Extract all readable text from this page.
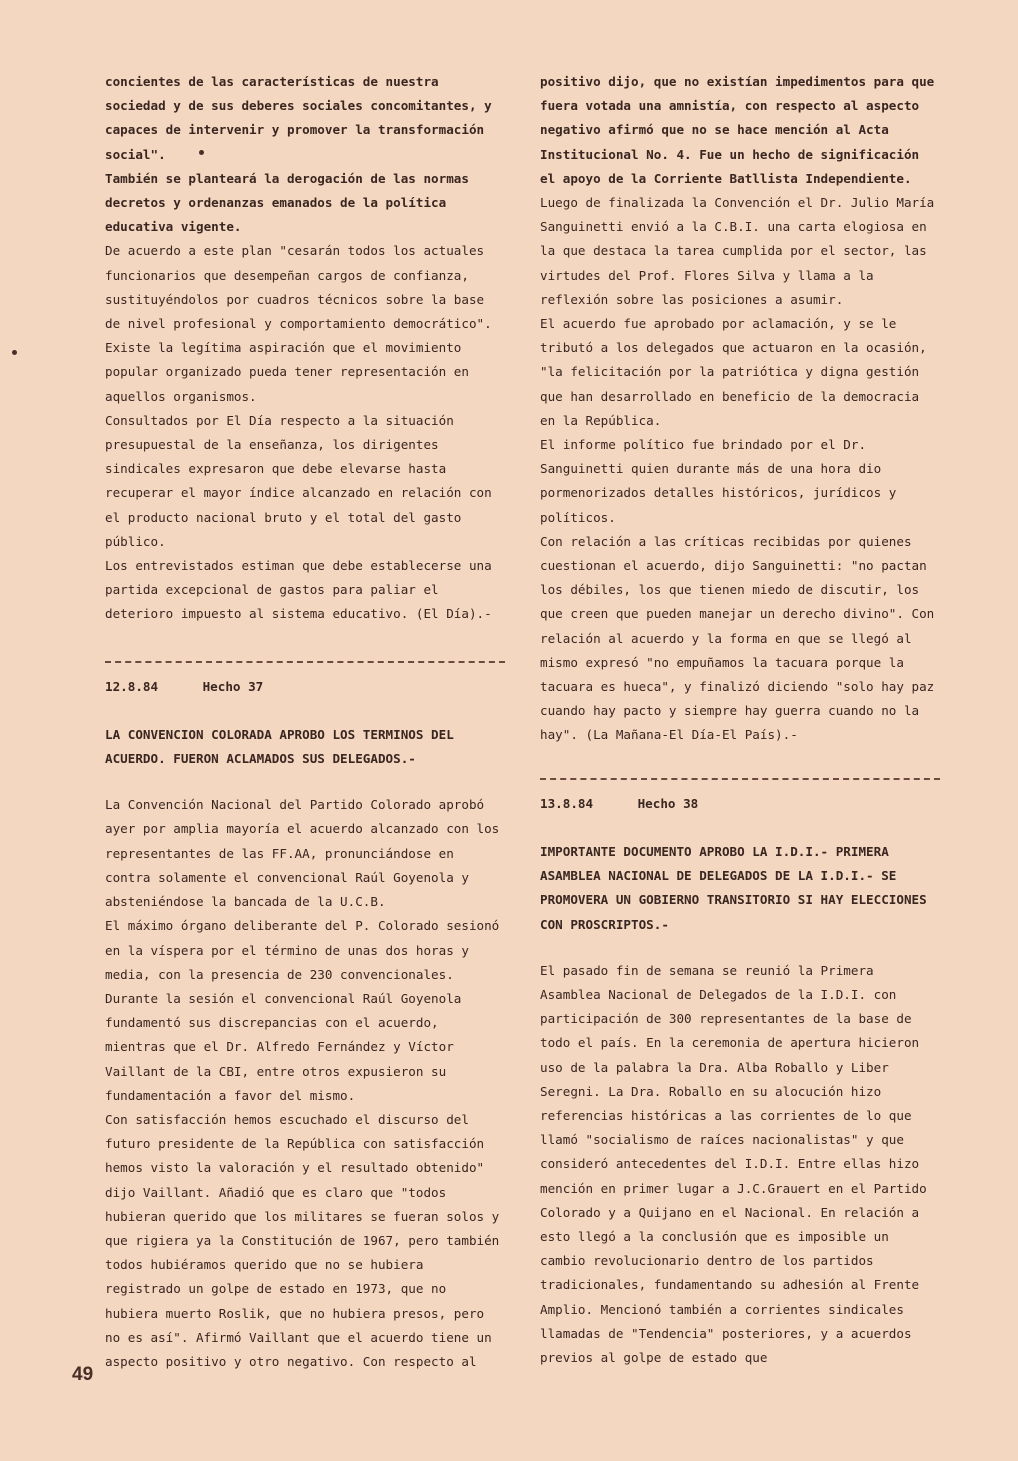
concientes de las características de nuestra sociedad y de sus deberes sociales concomitantes, y capaces de intervenir y promover la transformación social".

También se planteará la derogación de las normas decretos y ordenanzas emanados de la política educativa vigente.

De acuerdo a este plan "cesarán todos los actuales funcionarios que desempeñan cargos de confianza, sustituyéndolos por cuadros técnicos sobre la base de nivel profesional y comportamiento democrático".

Existe la legítima aspiración que el movimiento popular organizado pueda tener representación en aquellos organismos.

Consultados por El Día respecto a la situación presupuestal de la enseñanza, los dirigentes sindicales expresaron que debe elevarse hasta recuperar el mayor índice alcanzado en relación con el producto nacional bruto y el total del gasto público.

Los entrevistados estiman que debe establecerse una partida excepcional de gastos para paliar el deterioro impuesto al sistema educativo. (El Día).-

12.8.84	Hecho 37

LA CONVENCION COLORADA APROBO LOS TERMINOS DEL ACUERDO. FUERON ACLAMADOS SUS DELEGADOS.-

La Convención Nacional del Partido Colorado aprobó ayer por amplia mayoría el acuerdo alcanzado con los representantes de las FF.AA, pronunciándose en contra solamente el convencional Raúl Goyenola y absteniéndose la bancada de la U.C.B.

El máximo órgano deliberante del P. Colorado sesionó en la víspera por el término de unas dos horas y media, con la presencia de 230 convencionales.

Durante la sesión el convencional Raúl Goyenola fundamentó sus discrepancias con el acuerdo, mientras que el Dr. Alfredo Fernández y Víctor Vaillant de la CBI, entre otros expusieron su fundamentación a favor del mismo.

Con satisfacción hemos escuchado el discurso del futuro presidente de la República con satisfacción hemos visto la valoración y el resultado obtenido" dijo Vaillant. Añadió que es claro que "todos hubieran querido que los militares se fueran solos y que rigiera ya la Constitución de 1967, pero también todos hubiéramos querido que no se hubiera registrado un golpe de estado en 1973, que no hubiera muerto Roslik, que no hubiera presos, pero no es así". Afirmó Vaillant que el acuerdo tiene un aspecto positivo y otro negativo. Con respecto al

positivo dijo, que no existían impedimentos para que fuera votada una amnistía, con respecto al aspecto negativo afirmó que no se hace mención al Acta Institucional No. 4. Fue un hecho de significación el apoyo de la Corriente Batllista Independiente.

Luego de finalizada la Convención el Dr. Julio María Sanguinetti envió a la C.B.I. una carta elogiosa en la que destaca la tarea cumplida por el sector, las virtudes del Prof. Flores Silva y llama a la reflexión sobre las posiciones a asumir.

El acuerdo fue aprobado por aclamación, y se le tributó a los delegados que actuaron en la ocasión, "la felicitación por la patriótica y digna gestión que han desarrollado en beneficio de la democracia en la República.

El informe político fue brindado por el Dr. Sanguinetti quien durante más de una hora dio pormenorizados detalles históricos, jurídicos y políticos.

Con relación a las críticas recibidas por quienes cuestionan el acuerdo, dijo Sanguinetti: "no pactan los débiles, los que tienen miedo de discutir, los que creen que pueden manejar un derecho divino". Con relación al acuerdo y la forma en que se llegó al mismo expresó "no empuñamos la tacuara porque la tacuara es hueca", y finalizó diciendo "solo hay paz cuando hay pacto y siempre hay guerra cuando no la hay". (La Mañana-El Día-El País).-

13.8.84	Hecho 38

IMPORTANTE DOCUMENTO APROBO LA I.D.I.- PRIMERA ASAMBLEA NACIONAL DE DELEGADOS DE LA I.D.I.- SE PROMOVERA UN GOBIERNO TRANSITORIO SI HAY ELECCIONES CON PROSCRIPTOS.-

El pasado fin de semana se reunió la Primera Asamblea Nacional de Delegados de la I.D.I. con participación de 300 representantes de la base de todo el país. En la ceremonia de apertura hicieron uso de la palabra la Dra. Alba Roballo y Liber Seregni. La Dra. Roballo en su alocución hizo referencias históricas a las corrientes de lo que llamó "socialismo de raíces nacionalistas" y que consideró antecedentes del I.D.I. Entre ellas hizo mención en primer lugar a J.C.Grauert en el Partido Colorado y a Quijano en el Nacional. En relación a esto llegó a la conclusión que es imposible un cambio revolucionario dentro de los partidos tradicionales, fundamentando su adhesión al Frente Amplio. Mencionó también a corrientes sindicales llamadas de "Tendencia" posteriores, y a acuerdos previos al golpe de estado que

49
